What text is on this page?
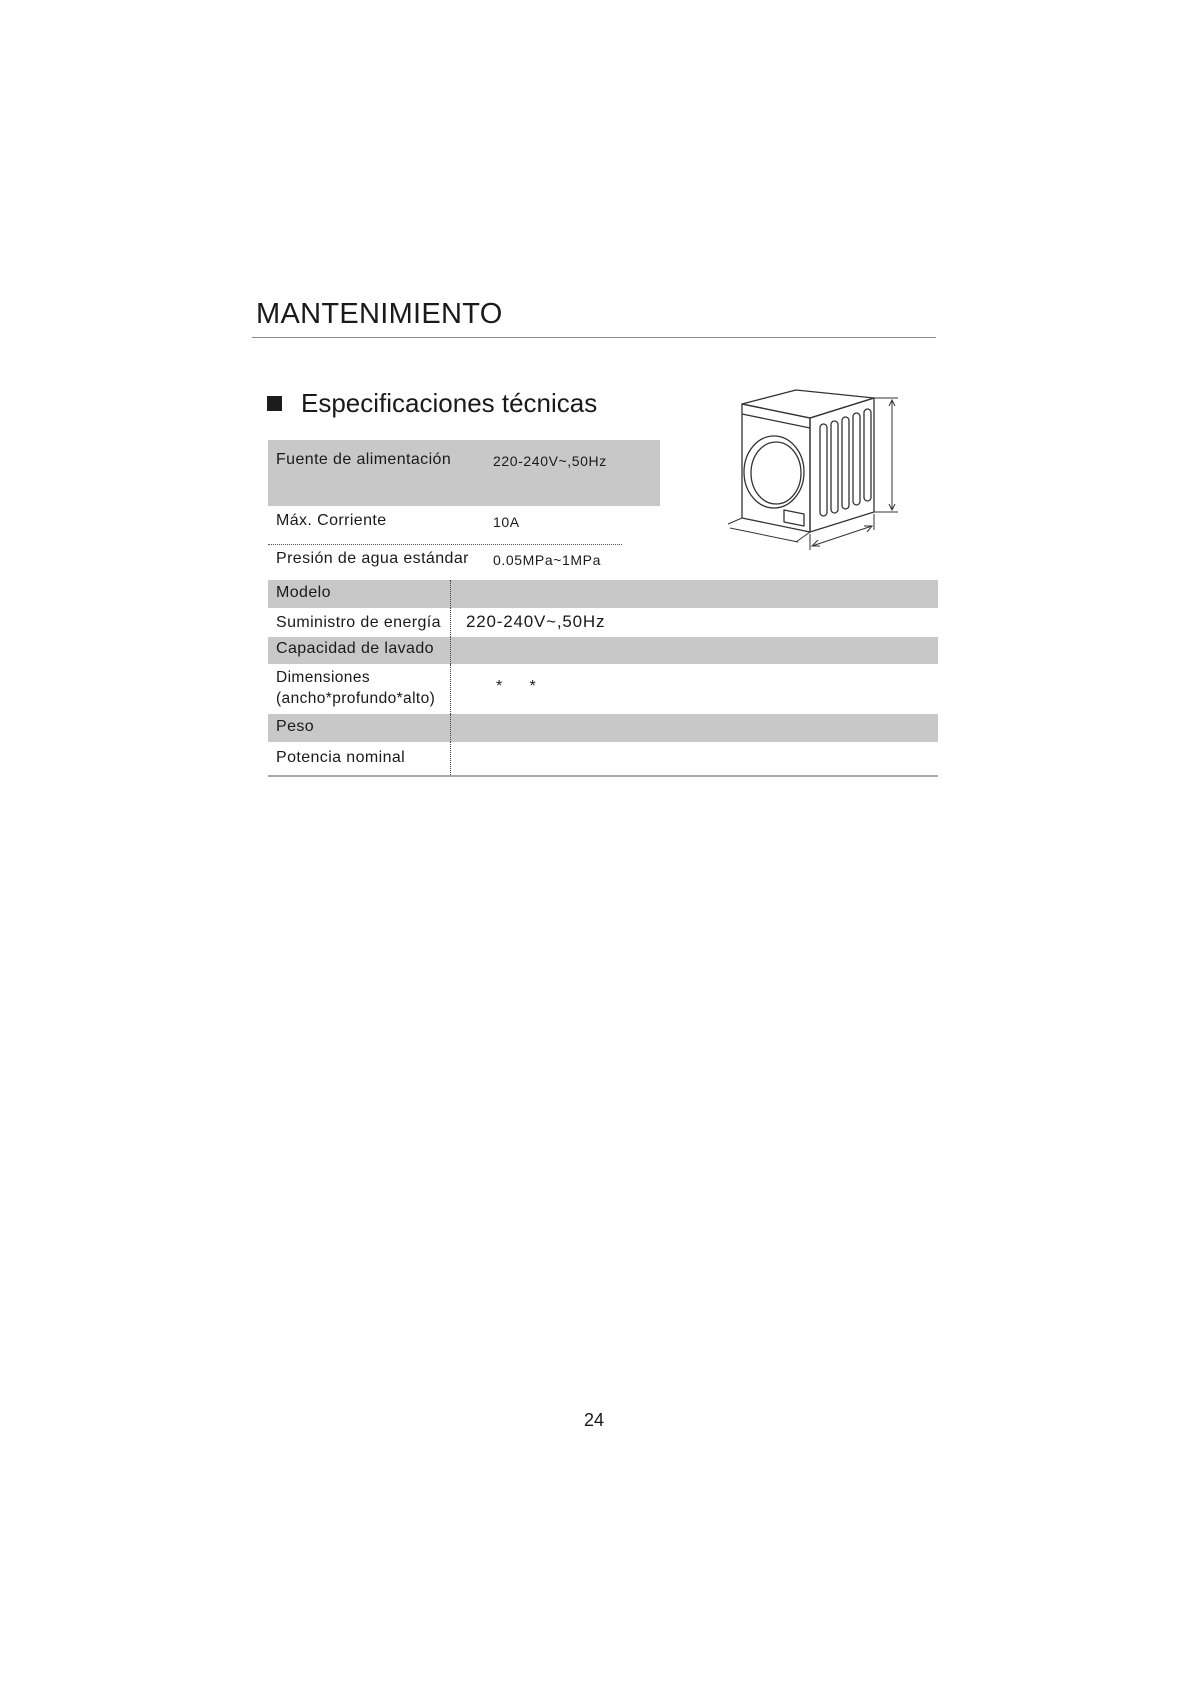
MANTENIMIENTO
Especificaciones técnicas
Fuente de alimentación	220-240V~,50Hz
Máx. Corriente	10A
Presión de agua estándar 0.05MPa~1MPa
Modelo
Suministro de energía 220-240V~,50Hz
Capacidad de lavado
Dimensiones
(ancho*profundo*alto)
* *
Peso
Potencia nominal
24
